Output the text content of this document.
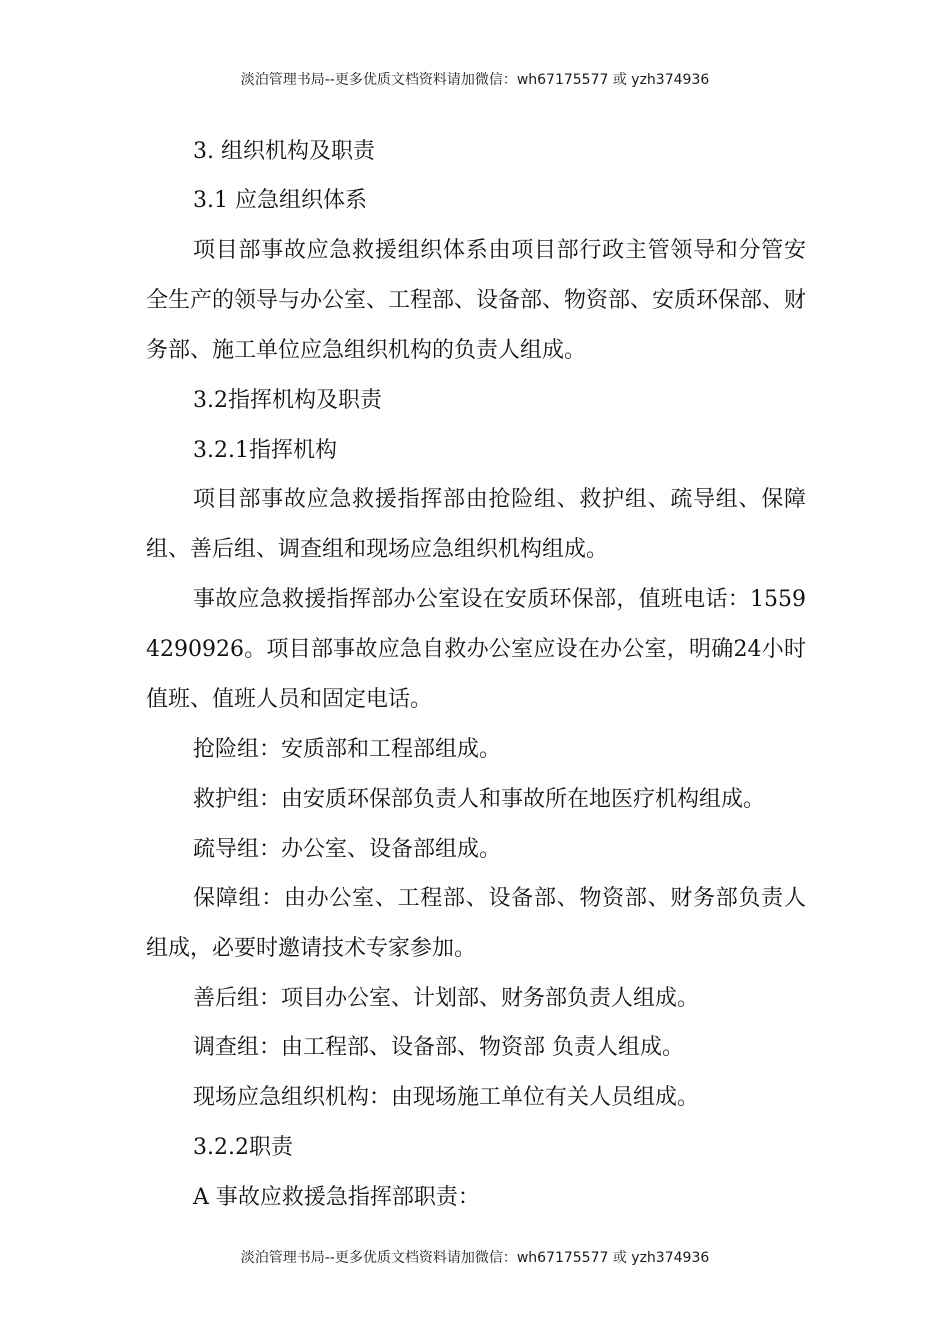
淡泊管理书局--更多优质文档资料请加微信：wh67175577 或 yzh374936
3. 组织机构及职责
3.1 应急组织体系
项目部事故应急救援组织体系由项目部行政主管领导和分管安全生产的领导与办公室、工程部、设备部、物资部、安质环保部、财务部、施工单位应急组织机构的负责人组成。
3.2指挥机构及职责
3.2.1指挥机构
项目部事故应急救援指挥部由抢险组、救护组、疏导组、保障组、善后组、调查组和现场应急组织机构组成。
事故应急救援指挥部办公室设在安质环保部，值班电话：15594290926。项目部事故应急自救办公室应设在办公室，明确24小时值班、值班人员和固定电话。
抢险组：安质部和工程部组成。
救护组：由安质环保部负责人和事故所在地医疗机构组成。
疏导组：办公室、设备部组成。
保障组：由办公室、工程部、设备部、物资部、财务部负责人组成，必要时邀请技术专家参加。
善后组：项目办公室、计划部、财务部负责人组成。
调查组：由工程部、设备部、物资部 负责人组成。
现场应急组织机构：由现场施工单位有关人员组成。
3.2.2职责
A 事故应救援急指挥部职责：
淡泊管理书局--更多优质文档资料请加微信：wh67175577 或 yzh374936
